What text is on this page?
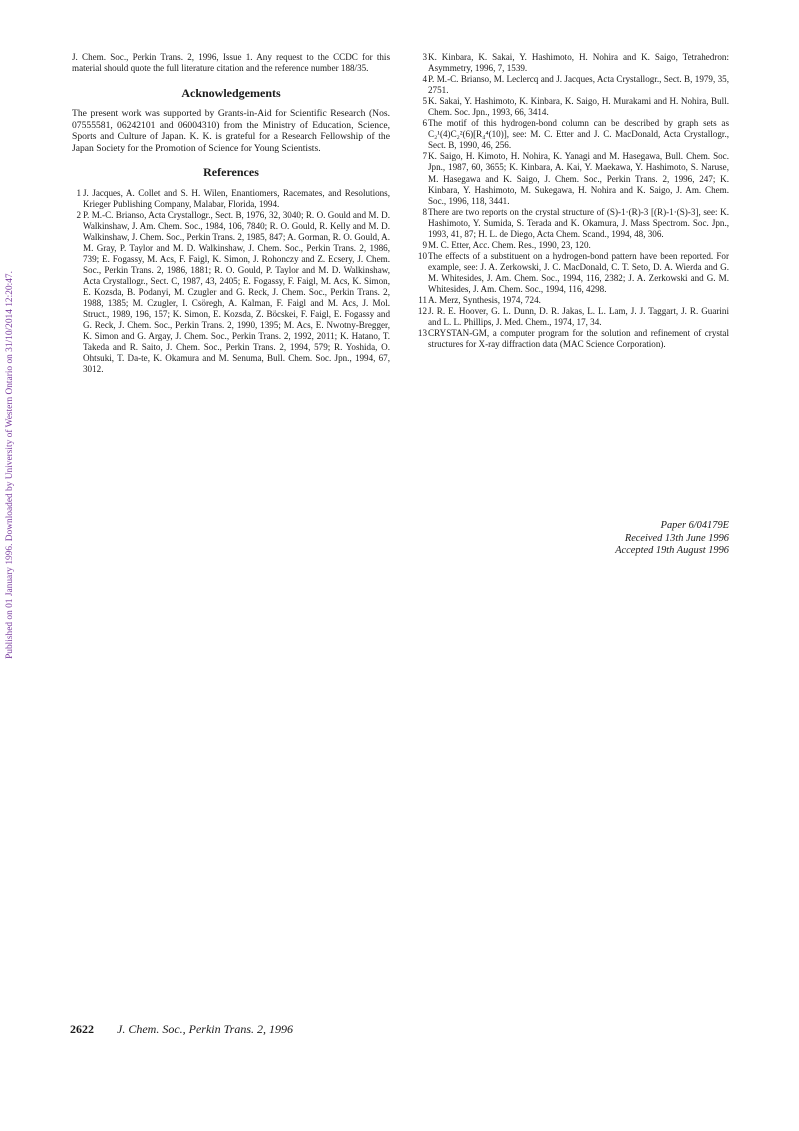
Published on 01 January 1996. Downloaded by University of Western Ontario on 31/10/2014 12:20:47.

J. Chem. Soc., Perkin Trans. 2, 1996, Issue 1. Any request to the CCDC for this material should quote the full literature citation and the reference number 188/35.

Acknowledgements

The present work was supported by Grants-in-Aid for Scientific Research (Nos. 07555581, 06242101 and 06004310) from the Ministry of Education, Science, Sports and Culture of Japan. K. K. is grateful for a Research Fellowship of the Japan Society for the Promotion of Science for Young Scientists.

References
1 J. Jacques, A. Collet and S. H. Wilen, Enantiomers, Racemates, and Resolutions, Krieger Publishing Company, Malabar, Florida, 1994.
2 P. M.-C. Brianso, Acta Crystallogr., Sect. B, 1976, 32, 3040; R. O. Gould and M. D. Walkinshaw, J. Am. Chem. Soc., 1984, 106, 7840; R. O. Gould, R. Kelly and M. D. Walkinshaw, J. Chem. Soc., Perkin Trans. 2, 1985, 847; A. Gorman, R. O. Gould, A. M. Gray, P. Taylor and M. D. Walkinshaw, J. Chem. Soc., Perkin Trans. 2, 1986, 739; E. Fogassy, M. Acs, F. Faigl, K. Simon, J. Rohonczy and Z. Ecsery, J. Chem. Soc., Perkin Trans. 2, 1986, 1881; R. O. Gould, P. Taylor and M. D. Walkinshaw, Acta Crystallogr., Sect. C, 1987, 43, 2405; E. Fogassy, F. Faigl, M. Acs, K. Simon, E. Kozsda, B. Podanyi, M. Czugler and G. Reck, J. Chem. Soc., Perkin Trans. 2, 1988, 1385; M. Czugler, I. Csöregh, A. Kalman, F. Faigl and M. Acs, J. Mol. Struct., 1989, 196, 157; K. Simon, E. Kozsda, Z. Böcskei, F. Faigl, E. Fogassy and G. Reck, J. Chem. Soc., Perkin Trans. 2, 1990, 1395; M. Acs, E. Nwotny-Bregger, K. Simon and G. Argay, J. Chem. Soc., Perkin Trans. 2, 1992, 2011; K. Hatano, T. Takeda and R. Saito, J. Chem. Soc., Perkin Trans. 2, 1994, 579; R. Yoshida, O. Ohtsuki, T. Da-te, K. Okamura and M. Senuma, Bull. Chem. Soc. Jpn., 1994, 67, 3012.
3 K. Kinbara, K. Sakai, Y. Hashimoto, H. Nohira and K. Saigo, Tetrahedron: Asymmetry, 1996, 7, 1539.
4 P. M.-C. Brianso, M. Leclercq and J. Jacques, Acta Crystallogr., Sect. B, 1979, 35, 2751.
5 K. Sakai, Y. Hashimoto, K. Kinbara, K. Saigo, H. Murakami and H. Nohira, Bull. Chem. Soc. Jpn., 1993, 66, 3414.
6 The motif of this hydrogen-bond column can be described by graph sets as C₂¹(4)C₂²(6)[R₄⁴(10)], see: M. C. Etter and J. C. MacDonald, Acta Crystallogr., Sect. B, 1990, 46, 256.
7 K. Saigo, H. Kimoto, H. Nohira, K. Yanagi and M. Hasegawa, Bull. Chem. Soc. Jpn., 1987, 60, 3655; K. Kinbara, A. Kai, Y. Maekawa, Y. Hashimoto, S. Naruse, M. Hasegawa and K. Saigo, J. Chem. Soc., Perkin Trans. 2, 1996, 247; K. Kinbara, Y. Hashimoto, M. Sukegawa, H. Nohira and K. Saigo, J. Am. Chem. Soc., 1996, 118, 3441.
8 There are two reports on the crystal structure of (S)-1·(R)-3 [(R)-1·(S)-3], see: K. Hashimoto, Y. Sumida, S. Terada and K. Okamura, J. Mass Spectrom. Soc. Jpn., 1993, 41, 87; H. L. de Diego, Acta Chem. Scand., 1994, 48, 306.
9 M. C. Etter, Acc. Chem. Res., 1990, 23, 120.
10 The effects of a substituent on a hydrogen-bond pattern have been reported. For example, see: J. A. Zerkowski, J. C. MacDonald, C. T. Seto, D. A. Wierda and G. M. Whitesides, J. Am. Chem. Soc., 1994, 116, 2382; J. A. Zerkowski and G. M. Whitesides, J. Am. Chem. Soc., 1994, 116, 4298.
11 A. Merz, Synthesis, 1974, 724.
12 J. R. E. Hoover, G. L. Dunn, D. R. Jakas, L. L. Lam, J. J. Taggart, J. R. Guarini and L. L. Phillips, J. Med. Chem., 1974, 17, 34.
13 CRYSTAN-GM, a computer program for the solution and refinement of crystal structures for X-ray diffraction data (MAC Science Corporation).
Paper 6/04179E
Received 13th June 1996
Accepted 19th August 1996
2622 J. Chem. Soc., Perkin Trans. 2, 1996
